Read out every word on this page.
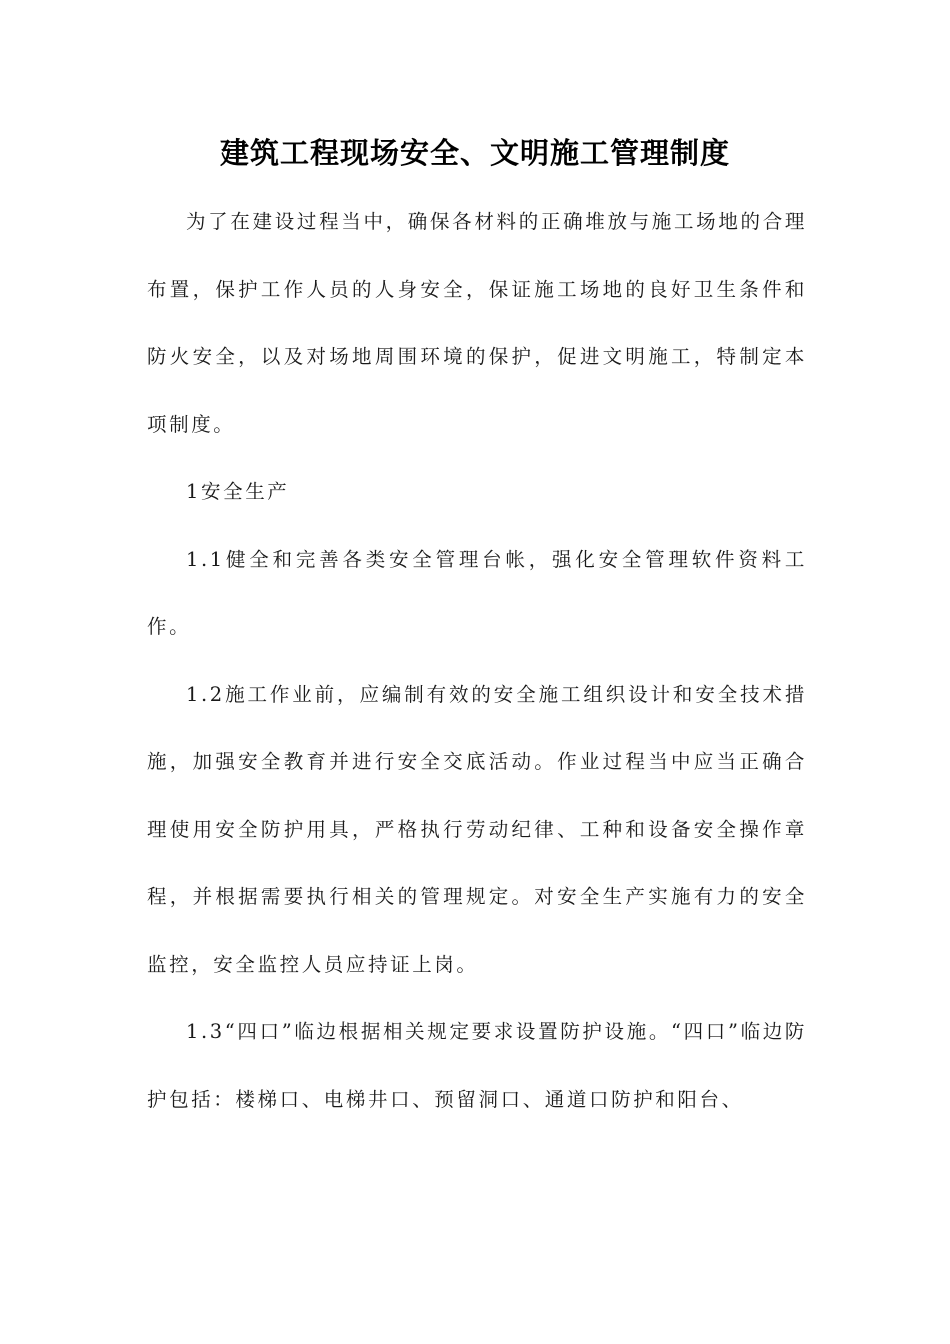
建筑工程现场安全、文明施工管理制度

为了在建设过程当中，确保各材料的正确堆放与施工场地的合理布置，保护工作人员的人身安全，保证施工场地的良好卫生条件和防火安全，以及对场地周围环境的保护，促进文明施工，特制定本项制度。

1安全生产

1.1健全和完善各类安全管理台帐，强化安全管理软件资料工作。

1.2施工作业前，应编制有效的安全施工组织设计和安全技术措施，加强安全教育并进行安全交底活动。作业过程当中应当正确合理使用安全防护用具，严格执行劳动纪律、工种和设备安全操作章程，并根据需要执行相关的管理规定。对安全生产实施有力的安全监控，安全监控人员应持证上岗。

1.3“四口”临边根据相关规定要求设置防护设施。“四口”临边防护包括：楼梯口、电梯井口、预留洞口、通道口防护和阳台、
